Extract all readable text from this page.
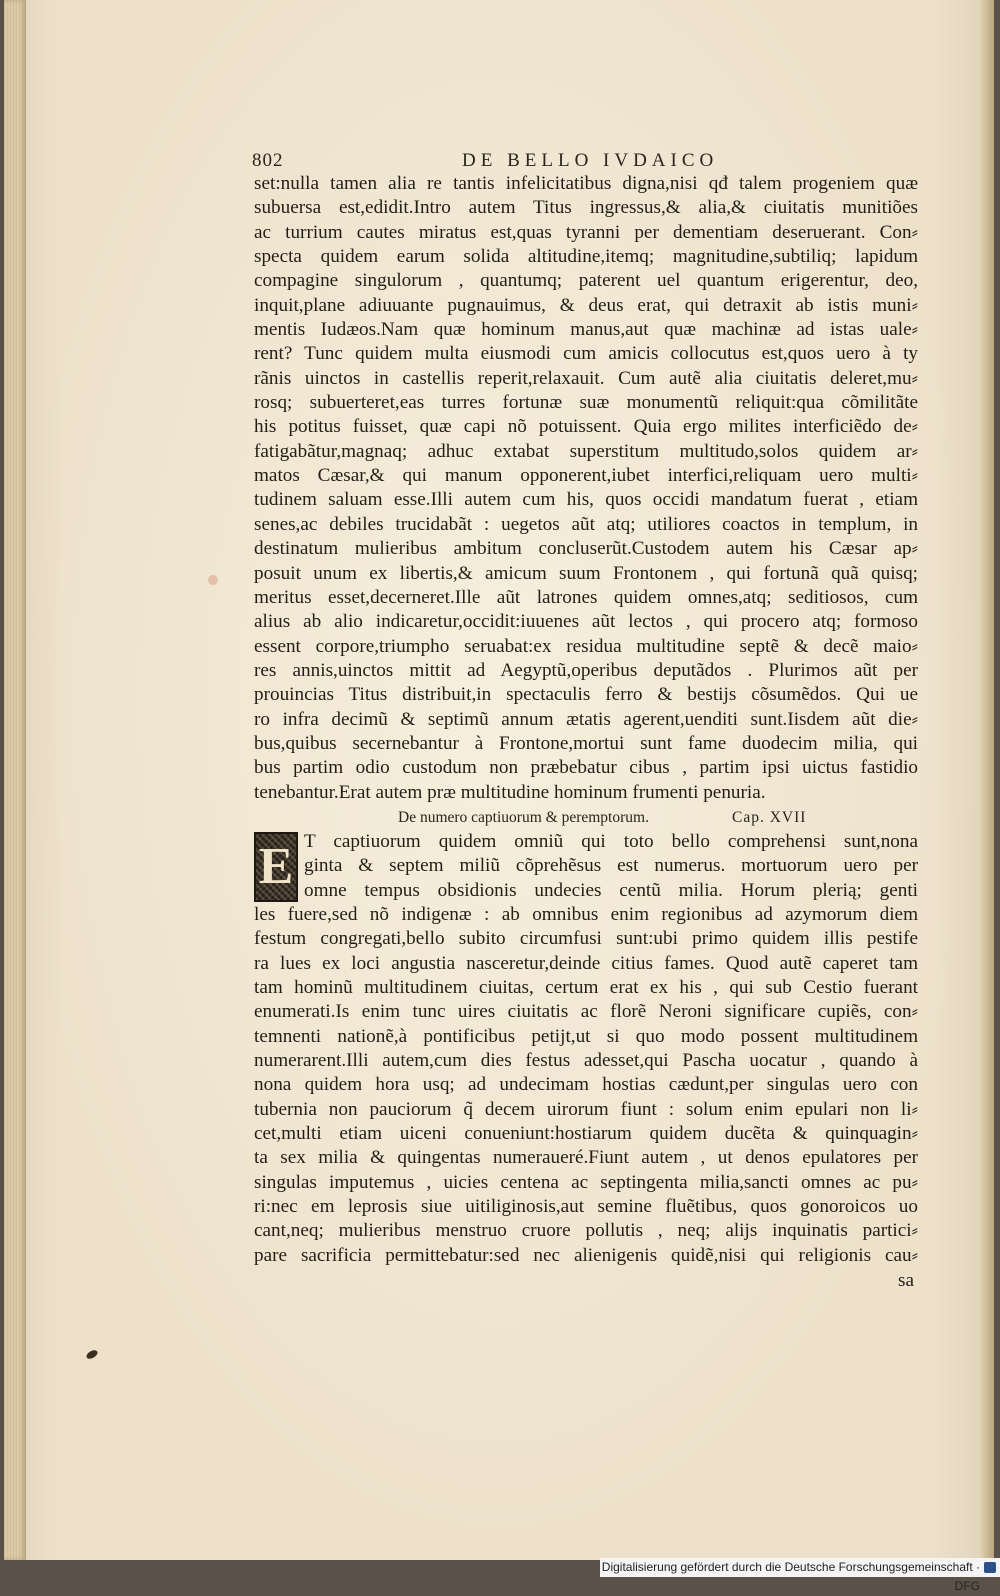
802	DE BELLO IVDAICO
set:nulla tamen alia re tantis infelicitatibus digna,nisi qđ talem progeniem quæ
subuersa est,edidit.Intro autem Titus ingressus,& alia,& ciuitatis munitiões
ac turrium cautes miratus est,quas tyranni per dementiam deseruerant. Con⸗
specta quidem earum solida altitudine,itemq; magnitudine,subtiliq; lapidum
compagine singulorum , quantumq; paterent uel quantum erigerentur, deo,
inquit,plane adiuuante pugnauimus, & deus erat, qui detraxit ab istis muni⸗
mentis Iudæos.Nam quæ hominum manus,aut quæ machinæ ad istas uale⸗
rent? Tunc quidem multa eiusmodi cum amicis collocutus est,quos uero à ty
rãnis uinctos in castellis reperit,relaxauit. Cum autẽ alia ciuitatis deleret,mu⸗
rosq; subuerteret,eas turres fortunæ suæ monumentũ reliquit:qua cõmilitãte
his potitus fuisset, quæ capi nõ potuissent. Quia ergo milites interficiẽdo de⸗
fatigabãtur,magnaq; adhuc extabat superstitum multitudo,solos quidem ar⸗
matos Cæsar,& qui manum opponerent,iubet interfici,reliquam uero multi⸗
tudinem saluam esse.Illi autem cum his, quos occidi mandatum fuerat , etiam
senes,ac debiles trucidabãt : uegetos aũt atq; utiliores coactos in templum, in
destinatum mulieribus ambitum concluserũt.Custodem autem his Cæsar ap⸗
posuit unum ex libertis,& amicum suum Frontonem , qui fortunã quã quisq;
meritus esset,decerneret.Ille aũt latrones quidem omnes,atq; seditiosos, cum
alius ab alio indicaretur,occidit:iuuenes aũt lectos , qui procero atq; formoso
essent corpore,triumpho seruabat:ex residua multitudine septẽ & decẽ maio⸗
res annis,uinctos mittit ad Aegyptũ,operibus deputãdos . Plurimos aũt per
prouincias Titus distribuit,in spectaculis ferro & bestijs cõsumẽdos. Qui ue
ro infra decimũ & septimũ annum ætatis agerent,uenditi sunt.Iisdem aũt die⸗
bus,quibus secernebantur à Frontone,mortui sunt fame duodecim milia, qui
bus partim odio custodum non præbebatur cibus , partim ipsi uictus fastidio
tenebantur.Erat autem præ multitudine hominum frumenti penuria.
De numero captiuorum & peremptorum.	Cap. XVII
E T captiuorum quidem omniũ qui toto bello comprehensi sunt,nona
ginta & septem miliũ cõprehẽsus est numerus. mortuorum uero per
omne tempus obsidionis undecies centũ milia. Horum plerią; genti
les fuere,sed nõ indigenæ : ab omnibus enim regionibus ad azymorum diem
festum congregati,bello subito circumfusi sunt:ubi primo quidem illis pestife
ra lues ex loci angustia nasceretur,deinde citius fames. Quod autẽ caperet tam
tam hominũ multitudinem ciuitas, certum erat ex his , qui sub Cestio fuerant
enumerati.Is enim tunc uires ciuitatis ac florẽ Neroni significare cupiẽs, con⸗
temnenti nationẽ,à pontificibus petijt,ut si quo modo possent multitudinem
numerarent.Illi autem,cum dies festus adesset,qui Pascha uocatur , quando à
nona quidem hora usq; ad undecimam hostias cædunt,per singulas uero con
tubernia non pauciorum q̃ decem uirorum fiunt : solum enim epulari non li⸗
cet,multi etiam uiceni conueniunt:hostiarum quidem ducẽta & quinquagin⸗
ta sex milia & quingentas numeraueré.Fiunt autem , ut denos epulatores per
singulas imputemus , uicies centena ac septingenta milia,sancti omnes ac pu⸗
ri:nec em leprosis siue uitiliginosis,aut semine fluẽtibus, quos gonoroicos uo
cant,neq; mulieribus menstruo cruore pollutis , neq; alijs inquinatis partici⸗
pare sacrificia permittebatur:sed nec alienigenis quidẽ,nisi qui religionis cau⸗
sa
Digitalisierung gefördert durch die Deutsche Forschungsgemeinschaft · DFG
